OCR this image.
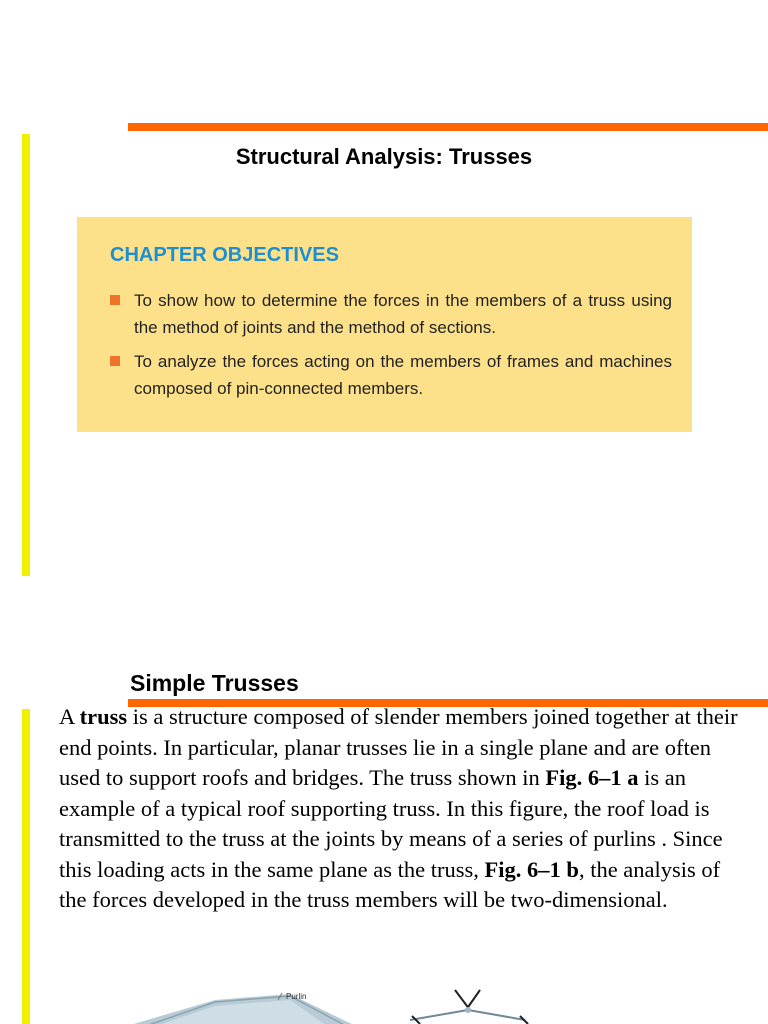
Structural Analysis: Trusses
CHAPTER OBJECTIVES
To show how to determine the forces in the members of a truss using the method of joints and the method of sections.
To analyze the forces acting on the members of frames and machines composed of pin-connected members.
Simple Trusses

A truss is a structure composed of slender members joined together at their end points. In particular, planar trusses lie in a single plane and are often used to support roofs and bridges. The truss shown in Fig. 6–1 a is an example of a typical roof supporting truss. In this figure, the roof load is transmitted to the truss at the joints by means of a series of purlins . Since this loading acts in the same plane as the truss, Fig. 6–1 b, the analysis of the forces developed in the truss members will be two-dimensional.

Purlin
